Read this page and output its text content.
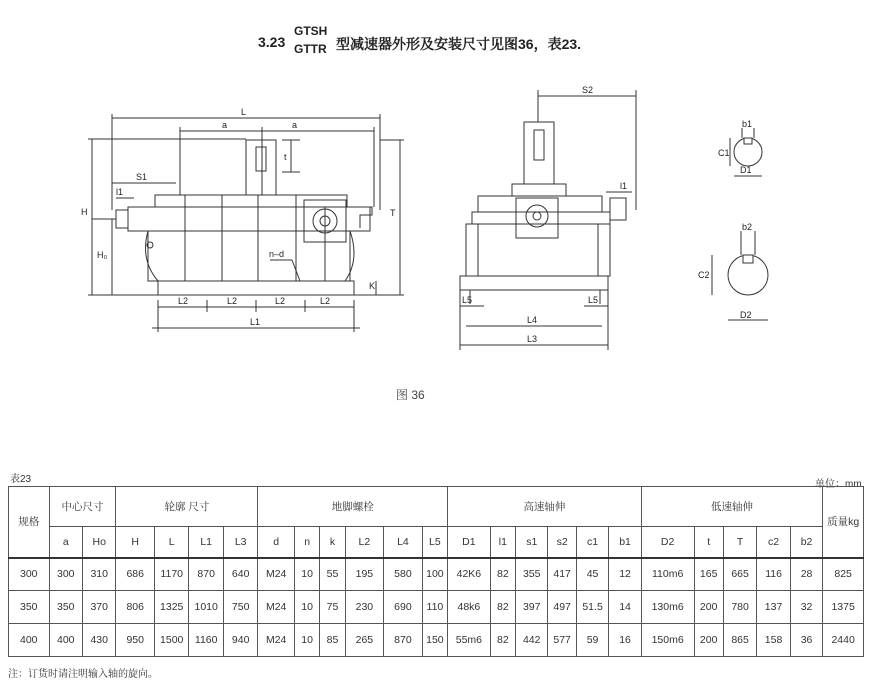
3.23
GTSH
GTTR 型减速器外形及安装尺寸见图36，表23.
L
a	a
t
S1
l1
H
H₀
T
n–d
K
L2	L2	L2	L2
L1
S2
l1
L5	L5
L4
L3
b1
C1
D1
b2
C2
D2
图 36
表23	单位：mm
规格	中心尺寸		轮廓 尺寸				地脚螺栓						高速轴伸						低速轴伸					质量kg
	a	Ho	H	L	L1	L3	d	n	k	L2	L4	L5	D1	l1	s1	s2	c1	b1	D2	t	T	c2	b2	
300	300	310	686	1170	870	640	M24	10	55	195	580	100	42K6	82	355	417	45	12	110m6	165	665	116	28	825
350	350	370	806	1325	1010	750	M24	10	75	230	690	110	48k6	82	397	497	51.5	14	130m6	200	780	137	32	1375
400	400	430	950	1500	1160	940	M24	10	85	265	870	150	55m6	82	442	577	59	16	150m6	200	865	158	36	2440
注：订货时请注明输入轴的旋向。
